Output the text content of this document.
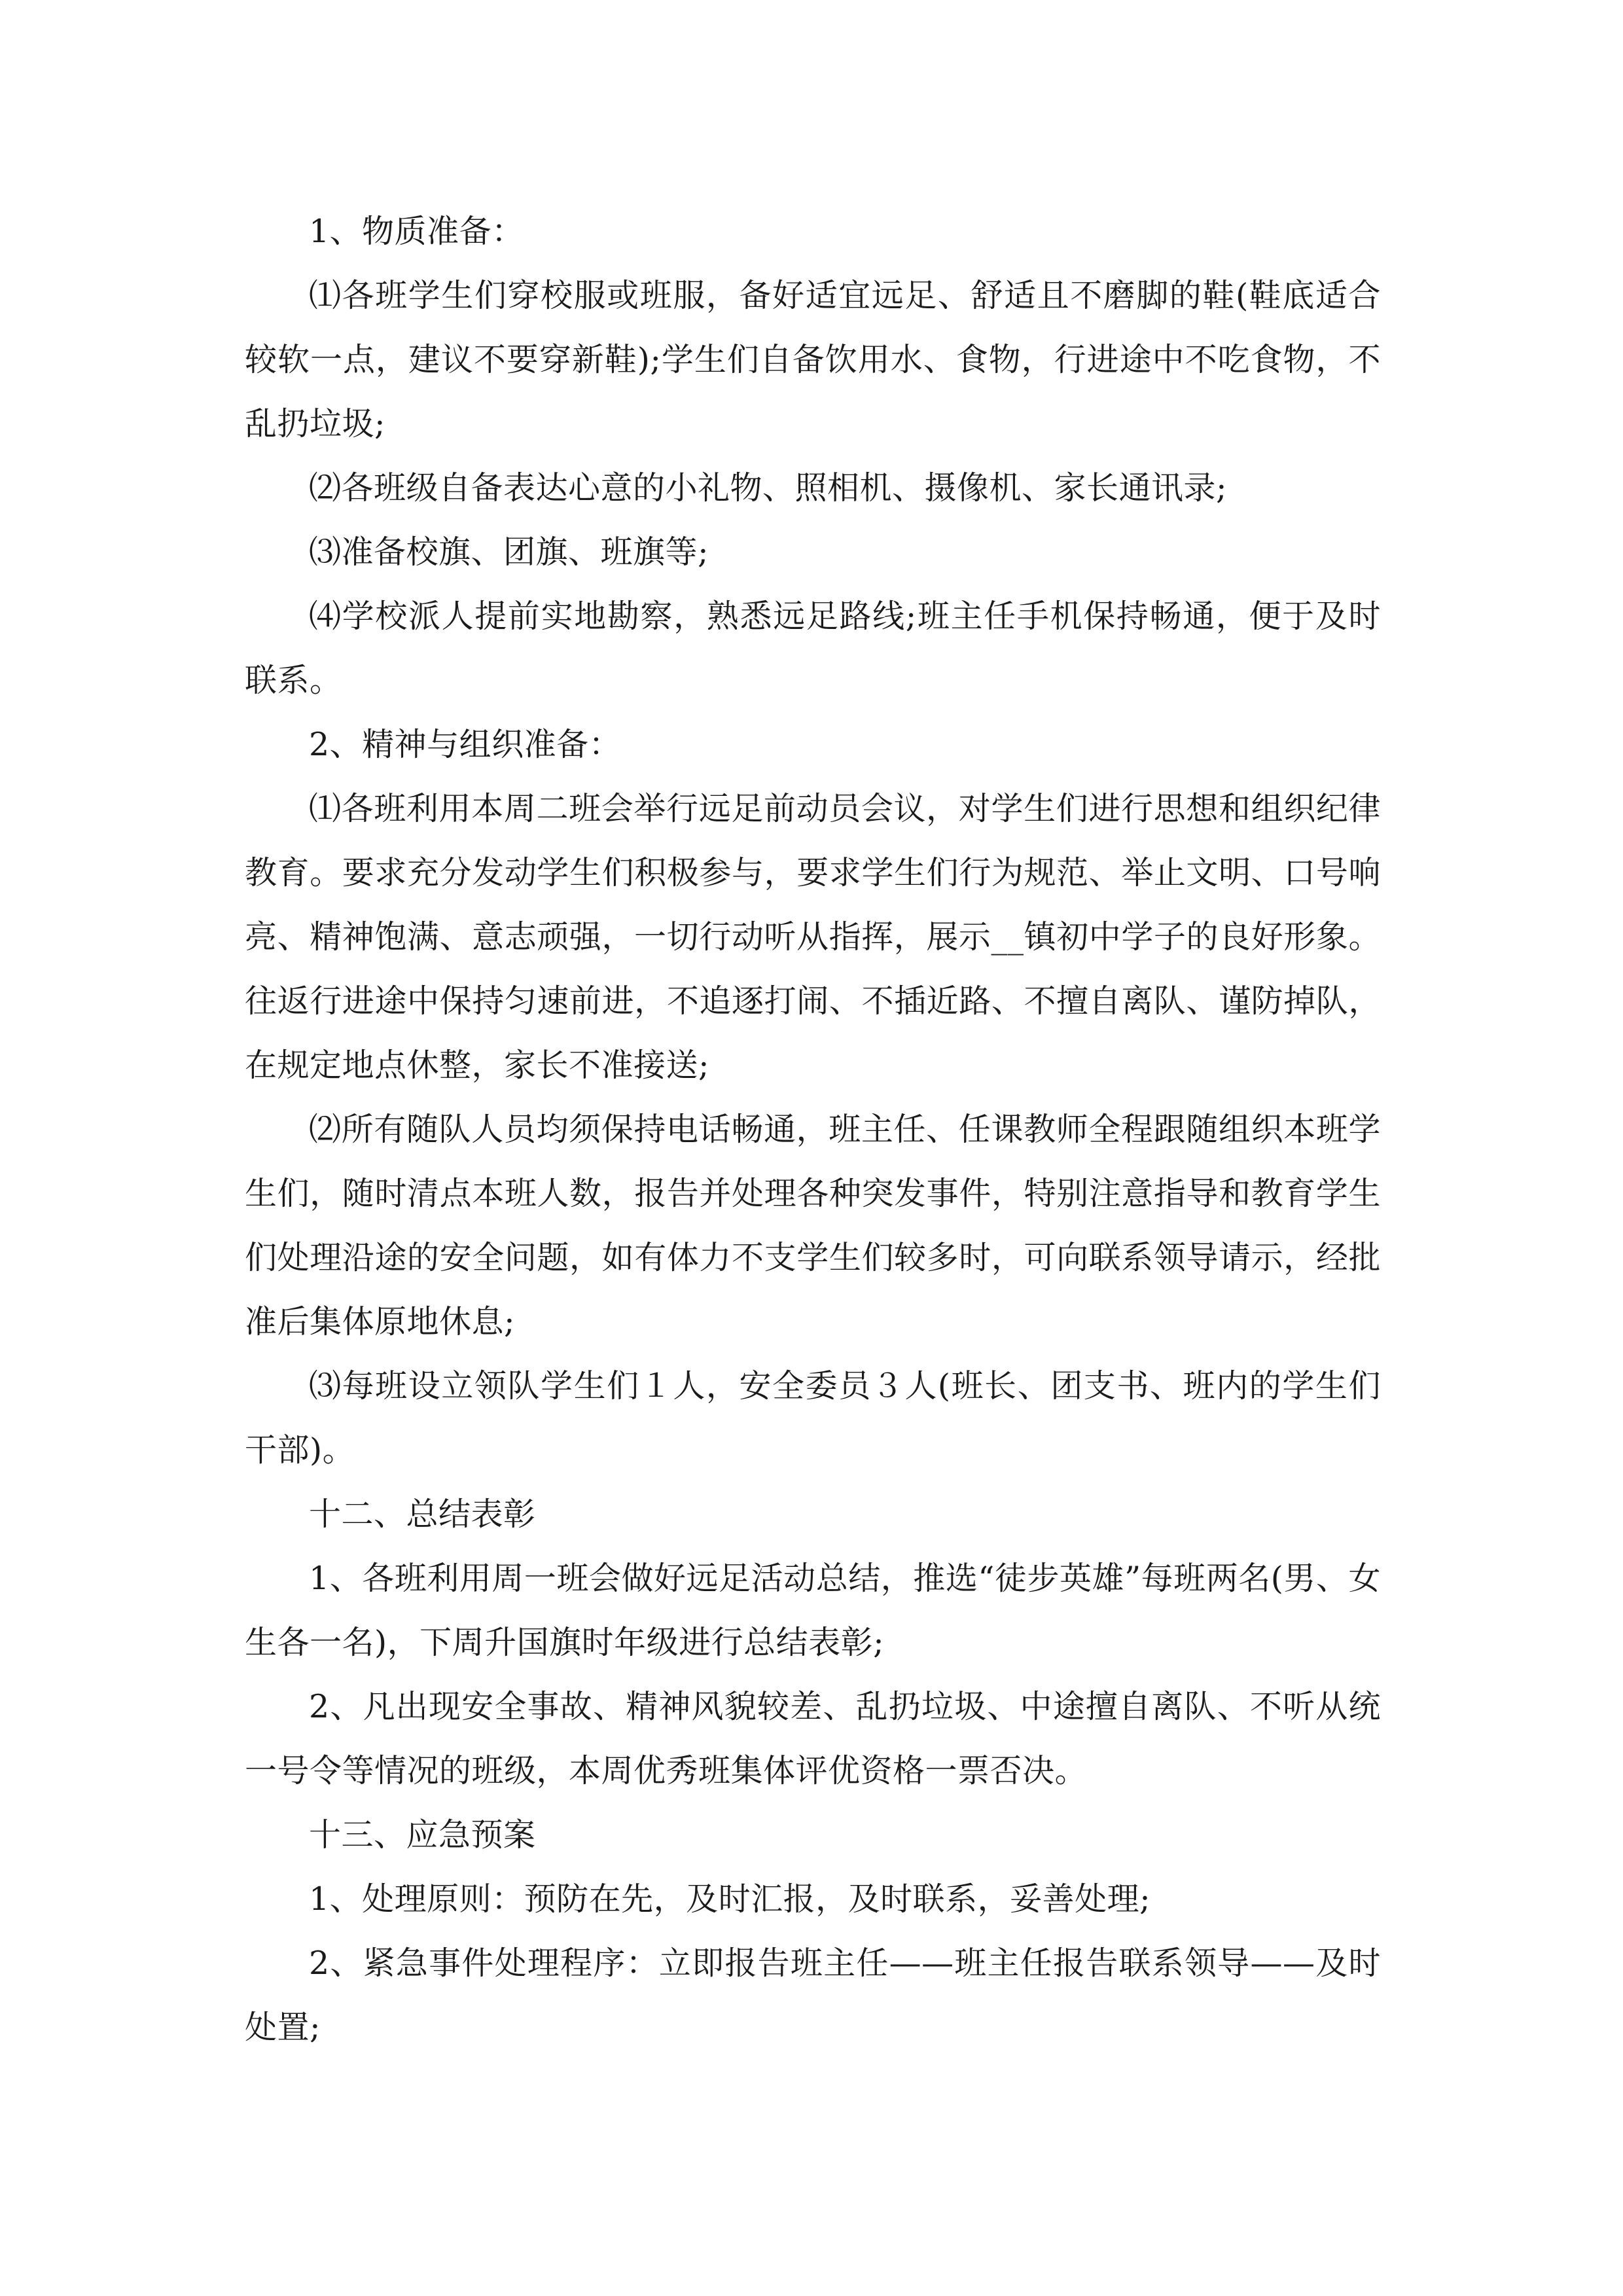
1、物质准备：

⑴各班学生们穿校服或班服，备好适宜远足、舒适且不磨脚的鞋(鞋底适合较软一点，建议不要穿新鞋);学生们自备饮用水、食物，行进途中不吃食物，不乱扔垃圾;

⑵各班级自备表达心意的小礼物、照相机、摄像机、家长通讯录;

⑶准备校旗、团旗、班旗等;

⑷学校派人提前实地勘察，熟悉远足路线;班主任手机保持畅通，便于及时联系。

2、精神与组织准备：

⑴各班利用本周二班会举行远足前动员会议，对学生们进行思想和组织纪律教育。要求充分发动学生们积极参与，要求学生们行为规范、举止文明、口号响亮、精神饱满、意志顽强，一切行动听从指挥，展示__镇初中学子的良好形象。往返行进途中保持匀速前进，不追逐打闹、不插近路、不擅自离队、谨防掉队，在规定地点休整，家长不准接送;

⑵所有随队人员均须保持电话畅通，班主任、任课教师全程跟随组织本班学生们，随时清点本班人数，报告并处理各种突发事件，特别注意指导和教育学生们处理沿途的安全问题，如有体力不支学生们较多时，可向联系领导请示，经批准后集体原地休息;

⑶每班设立领队学生们１人，安全委员３人(班长、团支书、班内的学生们干部)。

十二、总结表彰

1、各班利用周一班会做好远足活动总结，推选“徒步英雄”每班两名(男、女生各一名)，下周升国旗时年级进行总结表彰;

2、凡出现安全事故、精神风貌较差、乱扔垃圾、中途擅自离队、不听从统一号令等情况的班级，本周优秀班集体评优资格一票否决。

十三、应急预案

1、处理原则：预防在先，及时汇报，及时联系，妥善处理;

2、紧急事件处理程序：立即报告班主任——班主任报告联系领导——及时处置;
